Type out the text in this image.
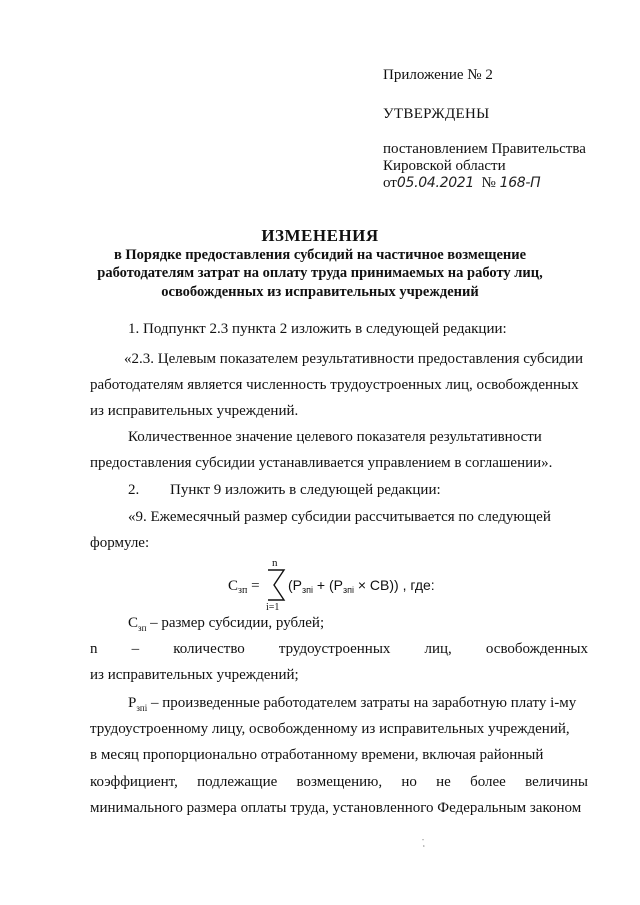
Приложение № 2
УТВЕРЖДЕНЫ
постановлением Правительства
Кировской области
от05.04.2021 № 168-П
ИЗМЕНЕНИЯ
в Порядке предоставления субсидий на частичное возмещение
работодателям затрат на оплату труда принимаемых на работу лиц,
освобожденных из исправительных учреждений
1. Подпункт 2.3 пункта 2 изложить в следующей редакции:
«2.3. Целевым показателем результативности предоставления субсидии
работодателям является численность трудоустроенных лиц, освобожденных
из исправительных учреждений.
Количественное значение целевого показателя результативности
предоставления субсидии устанавливается управлением в соглашении».
2.	Пункт 9 изложить в следующей редакции:
«9. Ежемесячный размер субсидии рассчитывается по следующей
формуле:
$С_{зп}$ =
n
i=1
$(Р_{зпi} + (Р_{зпi} \times СВ))$ , где:
$С_{зп}$ – размер субсидии, рублей;
n – количество трудоустроенных лиц, освобожденных
из исправительных учреждений;
$Р_{зпi}$ – произведенные работодателем затраты на заработную плату i-му
трудоустроенному лицу, освобожденному из исправительных учреждений,
в месяц пропорционально отработанному времени, включая районный
коэффициент, подлежащие возмещению, но не более величины
минимального размера оплаты труда, установленного Федеральным законом
˙.
